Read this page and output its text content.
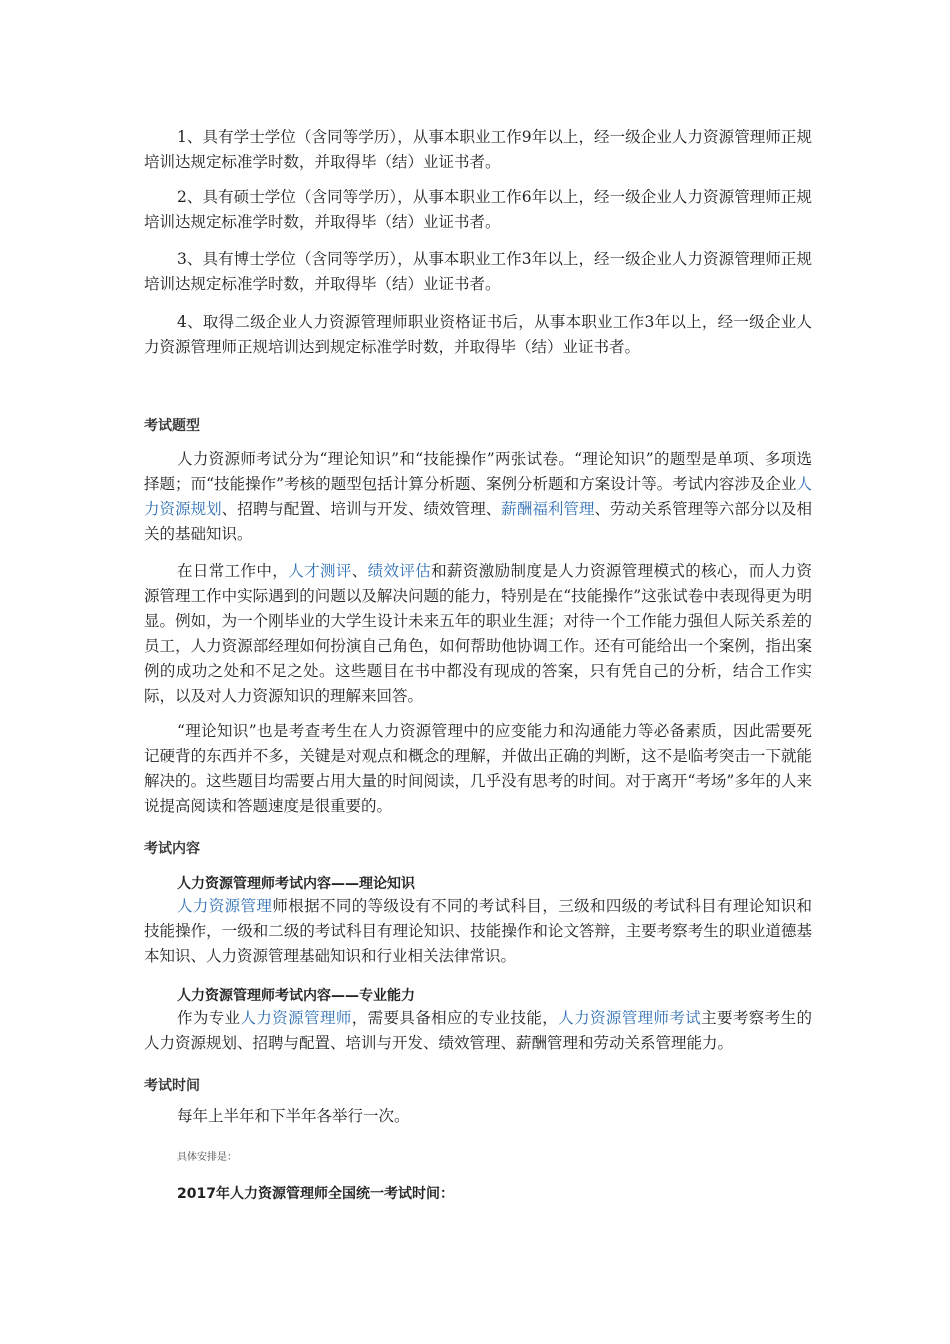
1、具有学士学位（含同等学历），从事本职业工作9年以上，经一级企业人力资源管理师正规培训达规定标准学时数，并取得毕（结）业证书者。

2、具有硕士学位（含同等学历），从事本职业工作6年以上，经一级企业人力资源管理师正规培训达规定标准学时数，并取得毕（结）业证书者。

3、具有博士学位（含同等学历），从事本职业工作3年以上，经一级企业人力资源管理师正规培训达规定标准学时数，并取得毕（结）业证书者。

4、取得二级企业人力资源管理师职业资格证书后，从事本职业工作3年以上，经一级企业人力资源管理师正规培训达到规定标准学时数，并取得毕（结）业证书者。

考试题型

人力资源师考试分为“理论知识”和“技能操作”两张试卷。“理论知识”的题型是单项、多项选择题；而“技能操作”考核的题型包括计算分析题、案例分析题和方案设计等。考试内容涉及企业人力资源规划、招聘与配置、培训与开发、绩效管理、薪酬福利管理、劳动关系管理等六部分以及相关的基础知识。

在日常工作中，人才测评、绩效评估和薪资激励制度是人力资源管理模式的核心，而人力资源管理工作中实际遇到的问题以及解决问题的能力，特别是在“技能操作”这张试卷中表现得更为明显。例如，为一个刚毕业的大学生设计未来五年的职业生涯；对待一个工作能力强但人际关系差的员工，人力资源部经理如何扮演自己角色，如何帮助他协调工作。还有可能给出一个案例，指出案例的成功之处和不足之处。这些题目在书中都没有现成的答案，只有凭自己的分析，结合工作实际，以及对人力资源知识的理解来回答。

“理论知识”也是考查考生在人力资源管理中的应变能力和沟通能力等必备素质，因此需要死记硬背的东西并不多，关键是对观点和概念的理解，并做出正确的判断，这不是临考突击一下就能解决的。这些题目均需要占用大量的时间阅读，几乎没有思考的时间。对于离开“考场”多年的人来说提高阅读和答题速度是很重要的。

考试内容
人力资源管理师考试内容——理论知识

人力资源管理师根据不同的等级设有不同的考试科目，三级和四级的考试科目有理论知识和技能操作，一级和二级的考试科目有理论知识、技能操作和论文答辩，主要考察考生的职业道德基本知识、人力资源管理基础知识和行业相关法律常识。

人力资源管理师考试内容——专业能力

作为专业人力资源管理师，需要具备相应的专业技能，人力资源管理师考试主要考察考生的人力资源规划、招聘与配置、培训与开发、绩效管理、薪酬管理和劳动关系管理能力。

考试时间

每年上半年和下半年各举行一次。

具体安排是：
2017年人力资源管理师全国统一考试时间：
